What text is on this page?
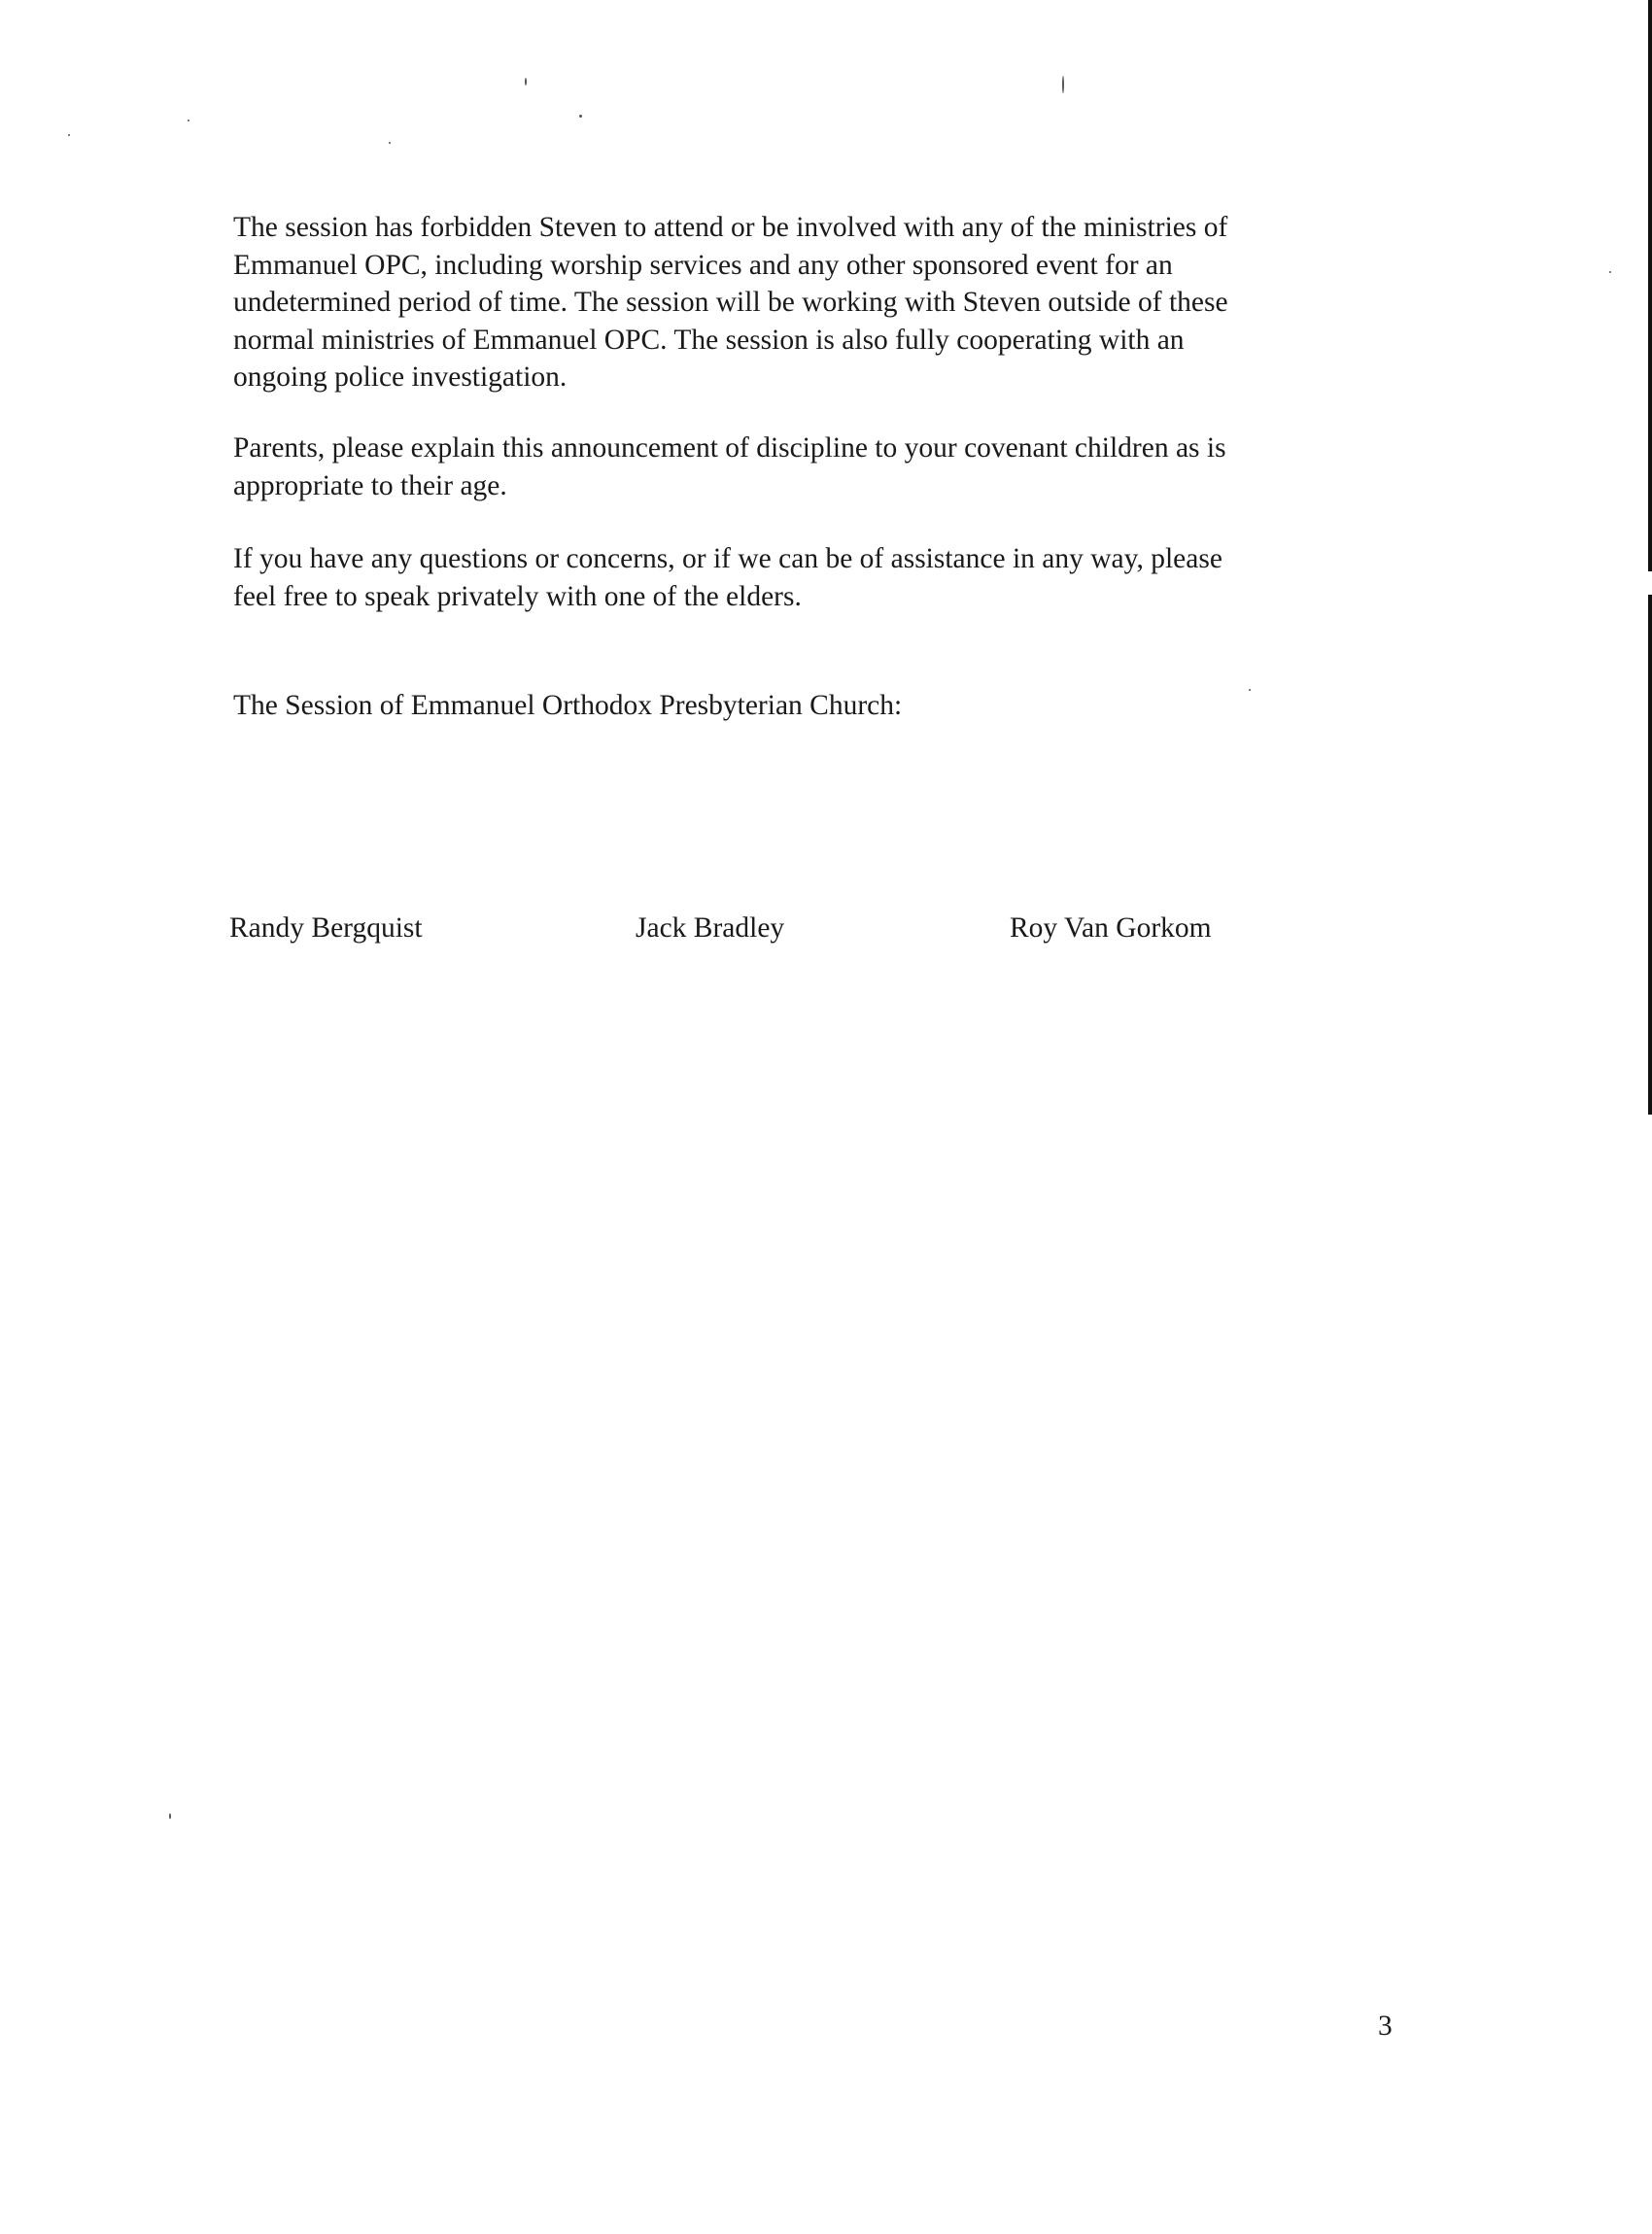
The session has forbidden Steven to attend or be involved with any of the ministries of
Emmanuel OPC, including worship services and any other sponsored event for an
undetermined period of time. The session will be working with Steven outside of these
normal ministries of Emmanuel OPC. The session is also fully cooperating with an
ongoing police investigation.

Parents, please explain this announcement of discipline to your covenant children as is
appropriate to their age.

If you have any questions or concerns, or if we can be of assistance in any way, please
feel free to speak privately with one of the elders.

The Session of Emmanuel Orthodox Presbyterian Church:

Randy Bergquist	Jack Bradley	Roy Van Gorkom
3
